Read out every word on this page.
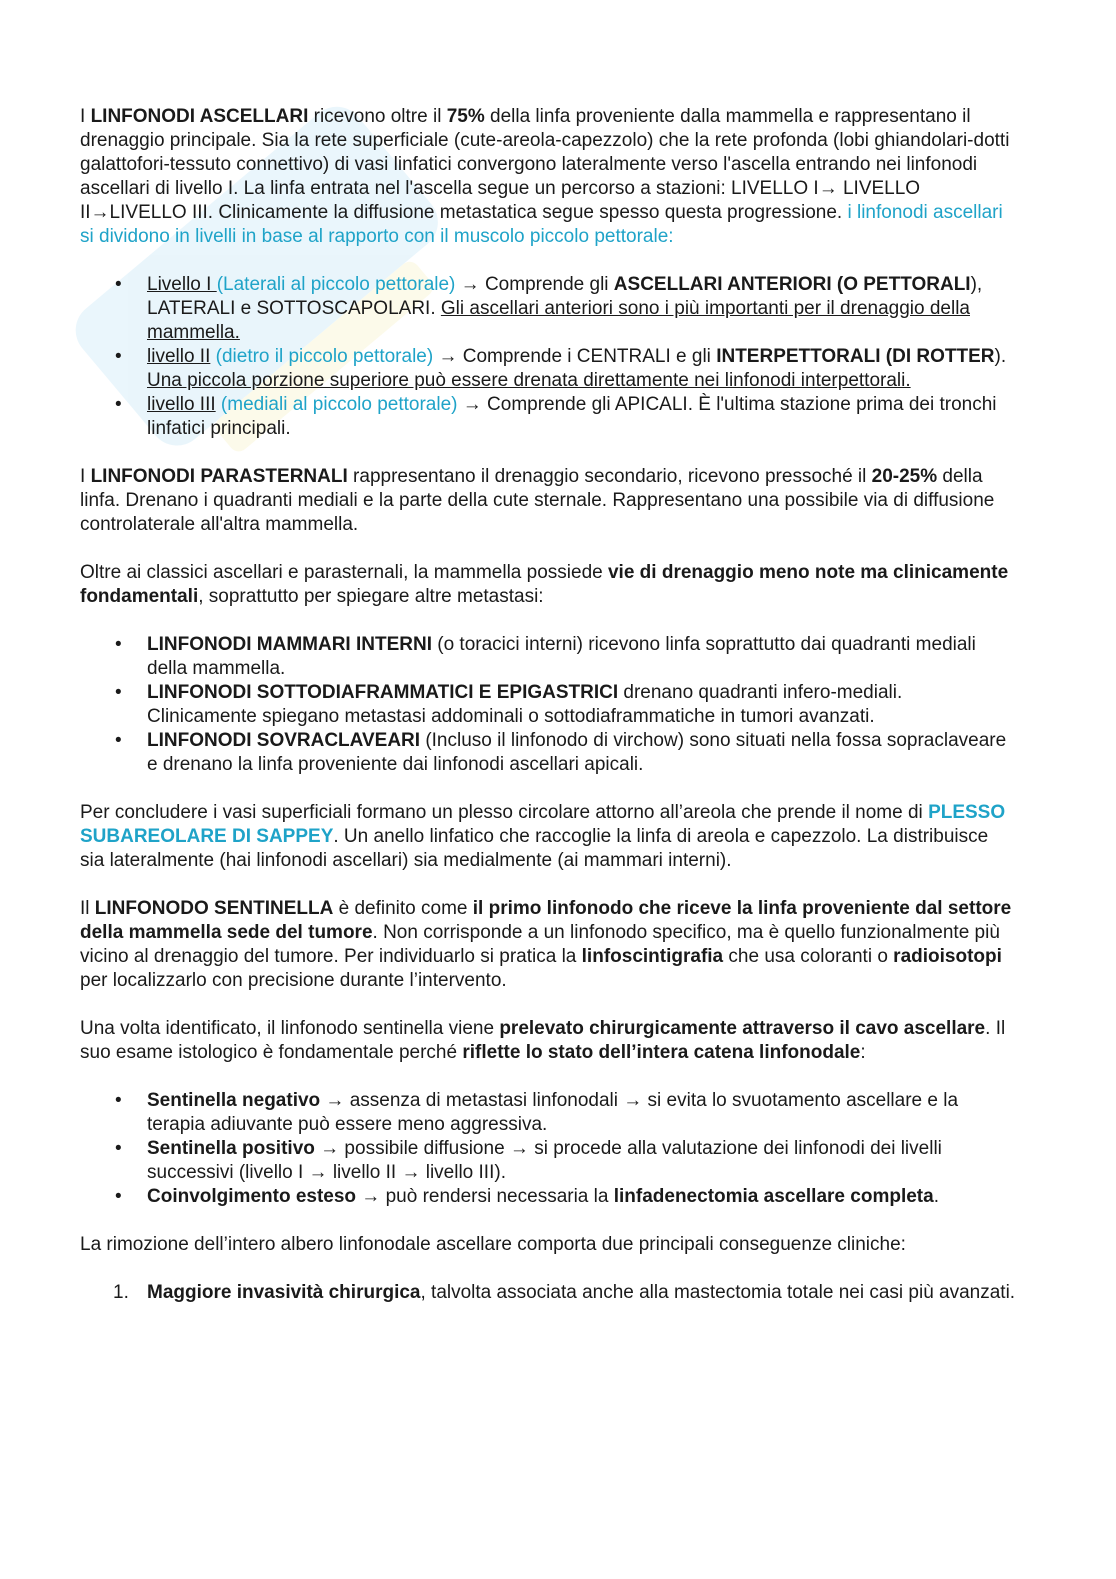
I LINFONODI ASCELLARI ricevono oltre il 75% della linfa proveniente dalla mammella e rappresentano il drenaggio principale. Sia la rete superficiale (cute-areola-capezzolo) che la rete profonda (lobi ghiandolari-dotti galattofori-tessuto connettivo) di vasi linfatici convergono lateralmente verso l'ascella entrando nei linfonodi ascellari di livello I. La linfa entrata nel l'ascella segue un percorso a stazioni: LIVELLO I→ LIVELLO II→LIVELLO III. Clinicamente la diffusione metastatica segue spesso questa progressione. i linfonodi ascellari si dividono in livelli in base al rapporto con il muscolo piccolo pettorale:

• Livello I (Laterali al piccolo pettorale) → Comprende gli ASCELLARI ANTERIORI (O PETTORALI), LATERALI e SOTTOSCAPOLARI. Gli ascellari anteriori sono i più importanti per il drenaggio della mammella.
• livello II (dietro il piccolo pettorale) → Comprende i CENTRALI e gli INTERPETTORALI (DI ROTTER). Una piccola porzione superiore può essere drenata direttamente nei linfonodi interpettorali.
• livello III (mediali al piccolo pettorale) → Comprende gli APICALI. È l'ultima stazione prima dei tronchi linfatici principali.

I LINFONODI PARASTERNALI rappresentano il drenaggio secondario, ricevono pressoché il 20-25% della linfa. Drenano i quadranti mediali e la parte della cute sternale. Rappresentano una possibile via di diffusione controlaterale all'altra mammella.

Oltre ai classici ascellari e parasternali, la mammella possiede vie di drenaggio meno note ma clinicamente fondamentali, soprattutto per spiegare altre metastasi:

• LINFONODI MAMMARI INTERNI (o toracici interni) ricevono linfa soprattutto dai quadranti mediali della mammella.
• LINFONODI SOTTODIAFRAMMATICI E EPIGASTRICI drenano quadranti infero-mediali. Clinicamente spiegano metastasi addominali o sottodiaframmatiche in tumori avanzati.
• LINFONODI SOVRACLAVEARI (Incluso il linfonodo di virchow) sono situati nella fossa sopraclaveare e drenano la linfa proveniente dai linfonodi ascellari apicali.

Per concludere i vasi superficiali formano un plesso circolare attorno all’areola che prende il nome di PLESSO SUBAREOLARE DI SAPPEY. Un anello linfatico che raccoglie la linfa di areola e capezzolo. La distribuisce sia lateralmente (hai linfonodi ascellari) sia medialmente (ai mammari interni).

Il LINFONODO SENTINELLA è definito come il primo linfonodo che riceve la linfa proveniente dal settore della mammella sede del tumore. Non corrisponde a un linfonodo specifico, ma è quello funzionalmente più vicino al drenaggio del tumore. Per individuarlo si pratica la linfoscintigrafia che usa coloranti o radioisotopi per localizzarlo con precisione durante l’intervento.

Una volta identificato, il linfonodo sentinella viene prelevato chirurgicamente attraverso il cavo ascellare. Il suo esame istologico è fondamentale perché riflette lo stato dell’intera catena linfonodale:

• Sentinella negativo → assenza di metastasi linfonodali → si evita lo svuotamento ascellare e la terapia adiuvante può essere meno aggressiva.
• Sentinella positivo → possibile diffusione → si procede alla valutazione dei linfonodi dei livelli successivi (livello I → livello II → livello III).
• Coinvolgimento esteso → può rendersi necessaria la linfadenectomia ascellare completa.

La rimozione dell’intero albero linfonodale ascellare comporta due principali conseguenze cliniche:

1. Maggiore invasività chirurgica, talvolta associata anche alla mastectomia totale nei casi più avanzati.
